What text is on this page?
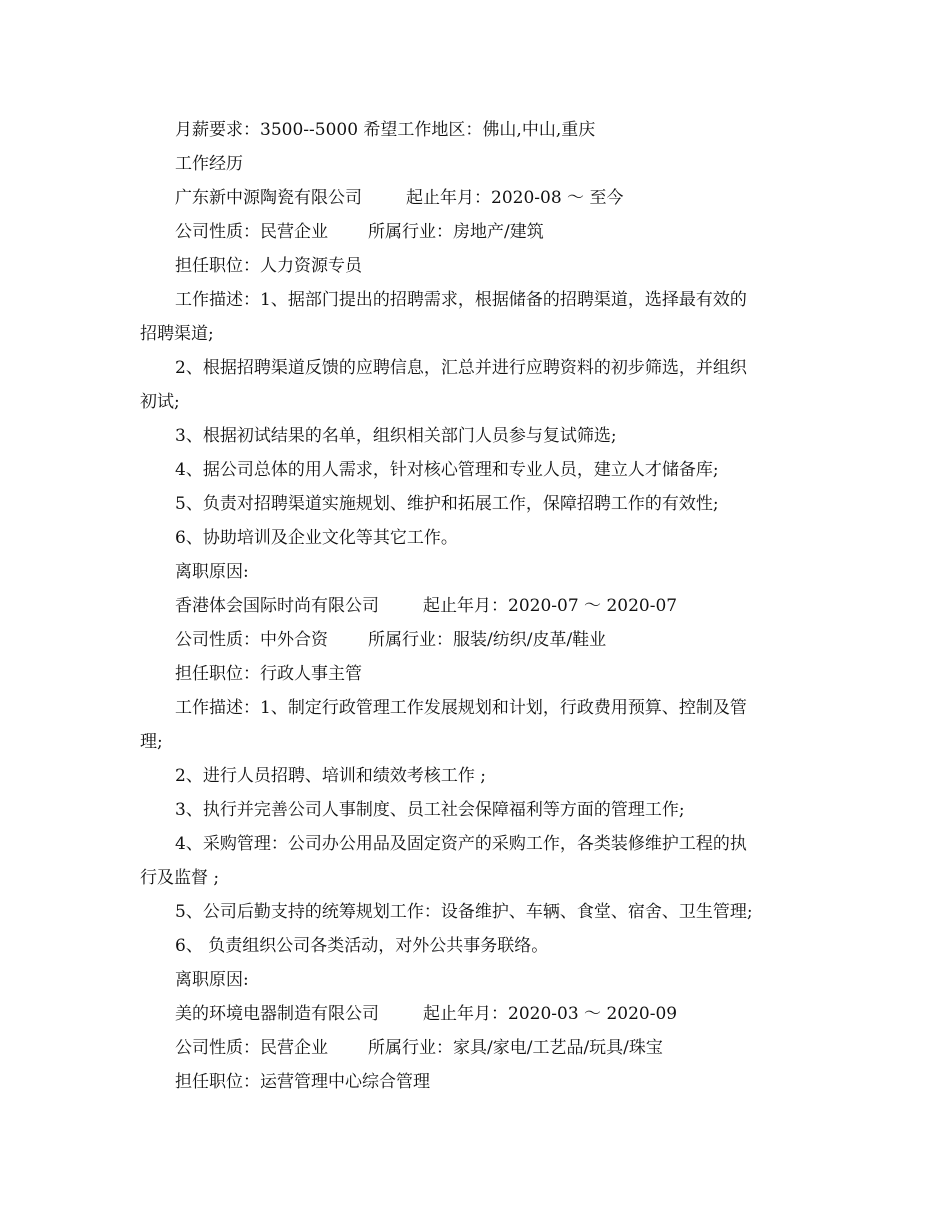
月薪要求：3500--5000 希望工作地区：佛山,中山,重庆
工作经历
广东新中源陶瓷有限公司	起止年月：2020-08 ～ 至今
公司性质：民营企业 所属行业：房地产/建筑
担任职位：人力资源专员
工作描述：1、据部门提出的招聘需求，根据储备的招聘渠道，选择最有效的
招聘渠道;
2、根据招聘渠道反馈的应聘信息，汇总并进行应聘资料的初步筛选，并组织
初试;
3、根据初试结果的名单，组织相关部门人员参与复试筛选;
4、据公司总体的用人需求，针对核心管理和专业人员，建立人才储备库;
5、负责对招聘渠道实施规划、维护和拓展工作，保障招聘工作的有效性;
6、协助培训及企业文化等其它工作。
离职原因:
香港体会国际时尚有限公司	起止年月：2020-07 ～ 2020-07
公司性质：中外合资 所属行业：服装/纺织/皮革/鞋业
担任职位：行政人事主管
工作描述：1、制定行政管理工作发展规划和计划，行政费用预算、控制及管
理;
2、进行人员招聘、培训和绩效考核工作 ;
3、执行并完善公司人事制度、员工社会保障福利等方面的管理工作;
4、采购管理：公司办公用品及固定资产的采购工作，各类装修维护工程的执
行及监督 ;
5、公司后勤支持的统筹规划工作：设备维护、车辆、食堂、宿舍、卫生管理;
6、 负责组织公司各类活动，对外公共事务联络。
离职原因:
美的环境电器制造有限公司	起止年月：2020-03 ～ 2020-09
公司性质：民营企业 所属行业：家具/家电/工艺品/玩具/珠宝
担任职位：运营管理中心综合管理
